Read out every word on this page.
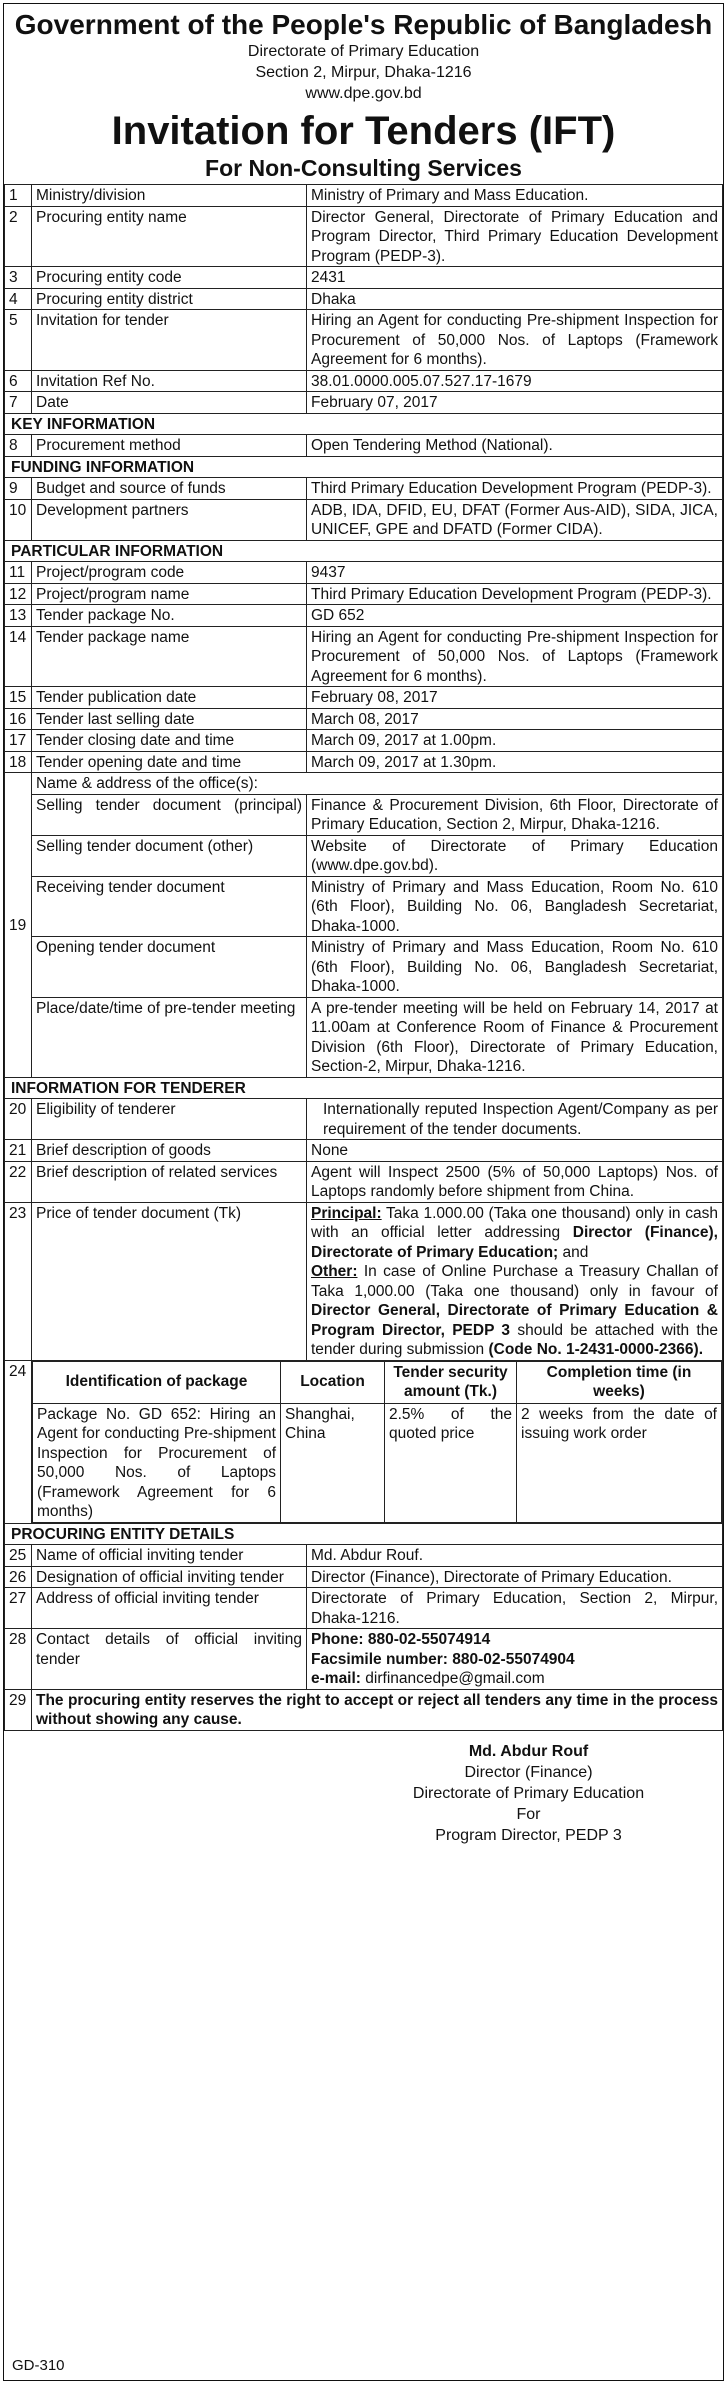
Government of the People's Republic of Bangladesh
Directorate of Primary Education
Section 2, Mirpur, Dhaka-1216
www.dpe.gov.bd
Invitation for Tenders (IFT)
For Non-Consulting Services
1	Ministry/division	Ministry of Primary and Mass Education.
2	Procuring entity name	Director General, Directorate of Primary Education and Program Director, Third Primary Education Development Program (PEDP-3).
3	Procuring entity code	2431
4	Procuring entity district	Dhaka
5	Invitation for tender	Hiring an Agent for conducting Pre-shipment Inspection for Procurement of 50,000 Nos. of Laptops (Framework Agreement for 6 months).
6	Invitation Ref No.	38.01.0000.005.07.527.17-1679
7	Date	February 07, 2017
KEY INFORMATION
8	Procurement method	Open Tendering Method (National).
FUNDING INFORMATION
9	Budget and source of funds	Third Primary Education Development Program (PEDP-3).
10	Development partners	ADB, IDA, DFID, EU, DFAT (Former Aus-AID), SIDA, JICA, UNICEF, GPE and DFATD (Former CIDA).
PARTICULAR INFORMATION
11	Project/program code	9437
12	Project/program name	Third Primary Education Development Program (PEDP-3).
13	Tender package No.	GD 652
14	Tender package name	Hiring an Agent for conducting Pre-shipment Inspection for Procurement of 50,000 Nos. of Laptops (Framework Agreement for 6 months).
15	Tender publication date	February 08, 2017
16	Tender last selling date	March 08, 2017
17	Tender closing date and time	March 09, 2017 at 1.00pm.
18	Tender opening date and time	March 09, 2017 at 1.30pm.
19	Name & address of the office(s):
Selling tender document (principal)	Finance & Procurement Division, 6th Floor, Directorate of Primary Education, Section 2, Mirpur, Dhaka-1216.
Selling tender document (other)	Website of Directorate of Primary Education (www.dpe.gov.bd).
Receiving tender document	Ministry of Primary and Mass Education, Room No. 610 (6th Floor), Building No. 06, Bangladesh Secretariat, Dhaka-1000.
Opening tender document	Ministry of Primary and Mass Education, Room No. 610 (6th Floor), Building No. 06, Bangladesh Secretariat, Dhaka-1000.
Place/date/time of pre-tender meeting	A pre-tender meeting will be held on February 14, 2017 at 11.00am at Conference Room of Finance & Procurement Division (6th Floor), Directorate of Primary Education, Section-2, Mirpur, Dhaka-1216.
INFORMATION FOR TENDERER
20	Eligibility of tenderer	Internationally reputed Inspection Agent/Company as per requirement of the tender documents.
21	Brief description of goods	None
22	Brief description of related services	Agent will Inspect 2500 (5% of 50,000 Laptops) Nos. of Laptops randomly before shipment from China.
23	Price of tender document (Tk)	Principal: Taka 1.000.00 (Taka one thousand) only in cash with an official letter addressing Director (Finance), Directorate of Primary Education; and
Other: In case of Online Purchase a Treasury Challan of Taka 1,000.00 (Taka one thousand) only in favour of Director General, Directorate of Primary Education & Program Director, PEDP 3 should be attached with the tender during submission (Code No. 1-2431-0000-2366).
24	
Identification of package	Location	Tender security amount (Tk.)	Completion time (in weeks)
Package No. GD 652: Hiring an Agent for conducting Pre-shipment Inspection for Procurement of 50,000 Nos. of Laptops (Framework Agreement for 6 months)	Shanghai, China	2.5% of the quoted price	2 weeks from the date of issuing work order

PROCURING ENTITY DETAILS
25	Name of official inviting tender	Md. Abdur Rouf.
26	Designation of official inviting tender	Director (Finance), Directorate of Primary Education.
27	Address of official inviting tender	Directorate of Primary Education, Section 2, Mirpur, Dhaka-1216.
28	Contact details of official inviting tender	Phone: 880-02-55074914
Facsimile number: 880-02-55074904
e-mail: dirfinancedpe@gmail.com
29	The procuring entity reserves the right to accept or reject all tenders any time in the process without showing any cause.
Md. Abdur Rouf
Director (Finance)
Directorate of Primary Education
For
Program Director, PEDP 3
GD-310
